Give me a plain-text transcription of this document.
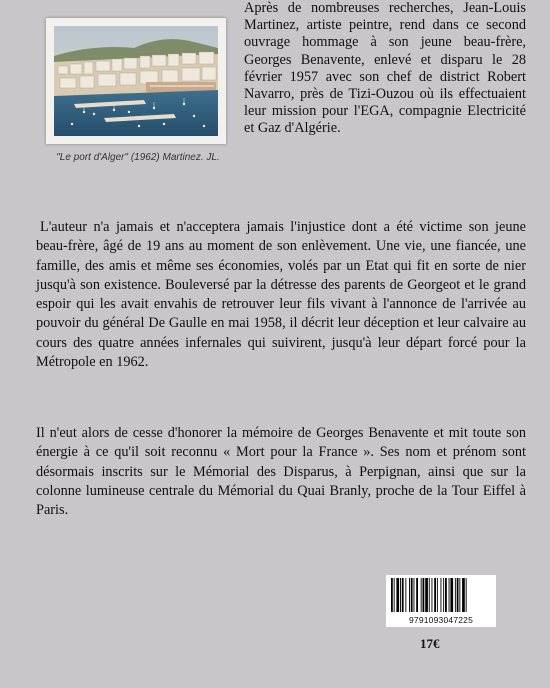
"Le port d'Alger" (1962) Martinez. JL.

Après de nombreuses recherches, Jean-Louis Martinez, artiste peintre, rend dans ce second ouvrage hommage à son jeune beau-frère, Georges Benavente, enlevé et disparu le 28 février 1957 avec son chef de district Robert Navarro, près de Tizi-Ouzou où ils effectuaient leur mission pour l'EGA, compagnie Electricité et Gaz d'Algérie.

L'auteur n'a jamais et n'acceptera jamais l'injustice dont a été victime son jeune beau-frère, âgé de 19 ans au moment de son enlèvement. Une vie, une fiancée, une famille, des amis et même ses économies, volés par un Etat qui fit en sorte de nier jusqu'à son existence. Bouleversé par la détresse des parents de Georgeot et le grand espoir qui les avait envahis de retrouver leur fils vivant à l'annonce de l'arrivée au pouvoir du général De Gaulle en mai 1958, il décrit leur déception et leur calvaire au cours des quatre années infernales qui suivirent, jusqu'à leur départ forcé pour la Métropole en 1962.

Il n'eut alors de cesse d'honorer la mémoire de Georges Benavente et mit toute son énergie à ce qu'il soit reconnu « Mort pour la France ». Ses nom et prénom sont désormais inscrits sur le Mémorial des Disparus, à Perpignan, ainsi que sur la colonne lumineuse centrale du Mémorial du Quai Branly, proche de la Tour Eiffel à Paris.

9791093047225
17€
